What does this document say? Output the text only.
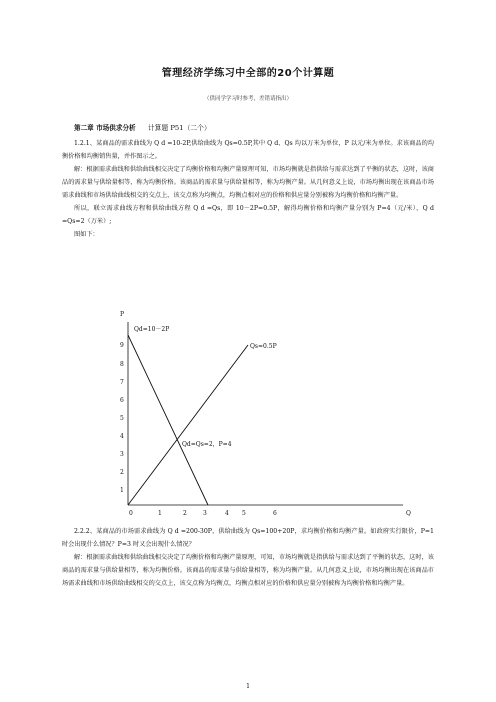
管理经济学练习中全部的20个计算题
（供同学学习时参考，差错请指出）
第二章 市场供求分析 计算题 P51（二个）

1.2.1、某商品的需求曲线为 Q d =10-2P,供给曲线为 Qs=0.5P,其中 Q d、Qs 均以万米为单位，P 以元/米为单位。求该商品的均衡价格和均衡销售量，并作图示之。

解：根据需求曲线和供给曲线相交决定了均衡价格和均衡产量原理可知，市场均衡就是指供给与需求达到了平衡的状态，这时，该商品的需求量与供给量相等，称为均衡价格。该商品的需求量与供给量相等，称为均衡产量。从几何意义上说，市场均衡出现在该商品市场需求曲线和市场供给曲线相交的交点上，该交点称为均衡点，均衡点相对应的价格和供应量分别被称为均衡价格和均衡产量。

所以，联立需求曲线方程和供给曲线方程 Q d =Qs，即 10－2P=0.5P，解得均衡价格和均衡产量分别为 P=4（元/米），Q d =Qs=2（万米）;

图如下：

P
Q
9
8
7
6
5
4
3
2
1
0	1	2	3	4 5	6
Qd=10－2P
Qs=0.5P
Qd=Qs=2，P=4

2.2.2、某商品的市场需求曲线为 Q d =200-30P，供给曲线为 Qs=100+20P，求均衡价格和均衡产量。如政府实行限价，P=1 时会出现什么情况？P=3 时又会出现什么情况？

解：根据需求曲线和供给曲线相交决定了均衡价格和均衡产量原理，可知，市场均衡就是指供给与需求达到了平衡的状态，这时，该商品的需求量与供给量相等，称为均衡价格。该商品的需求量与供给量相等，称为均衡产量。从几何意义上说，市场均衡出现在该商品市场需求曲线和市场供给曲线相交的交点上，该交点称为均衡点，均衡点相对应的价格和供应量分别被称为均衡价格和均衡产量。

1
